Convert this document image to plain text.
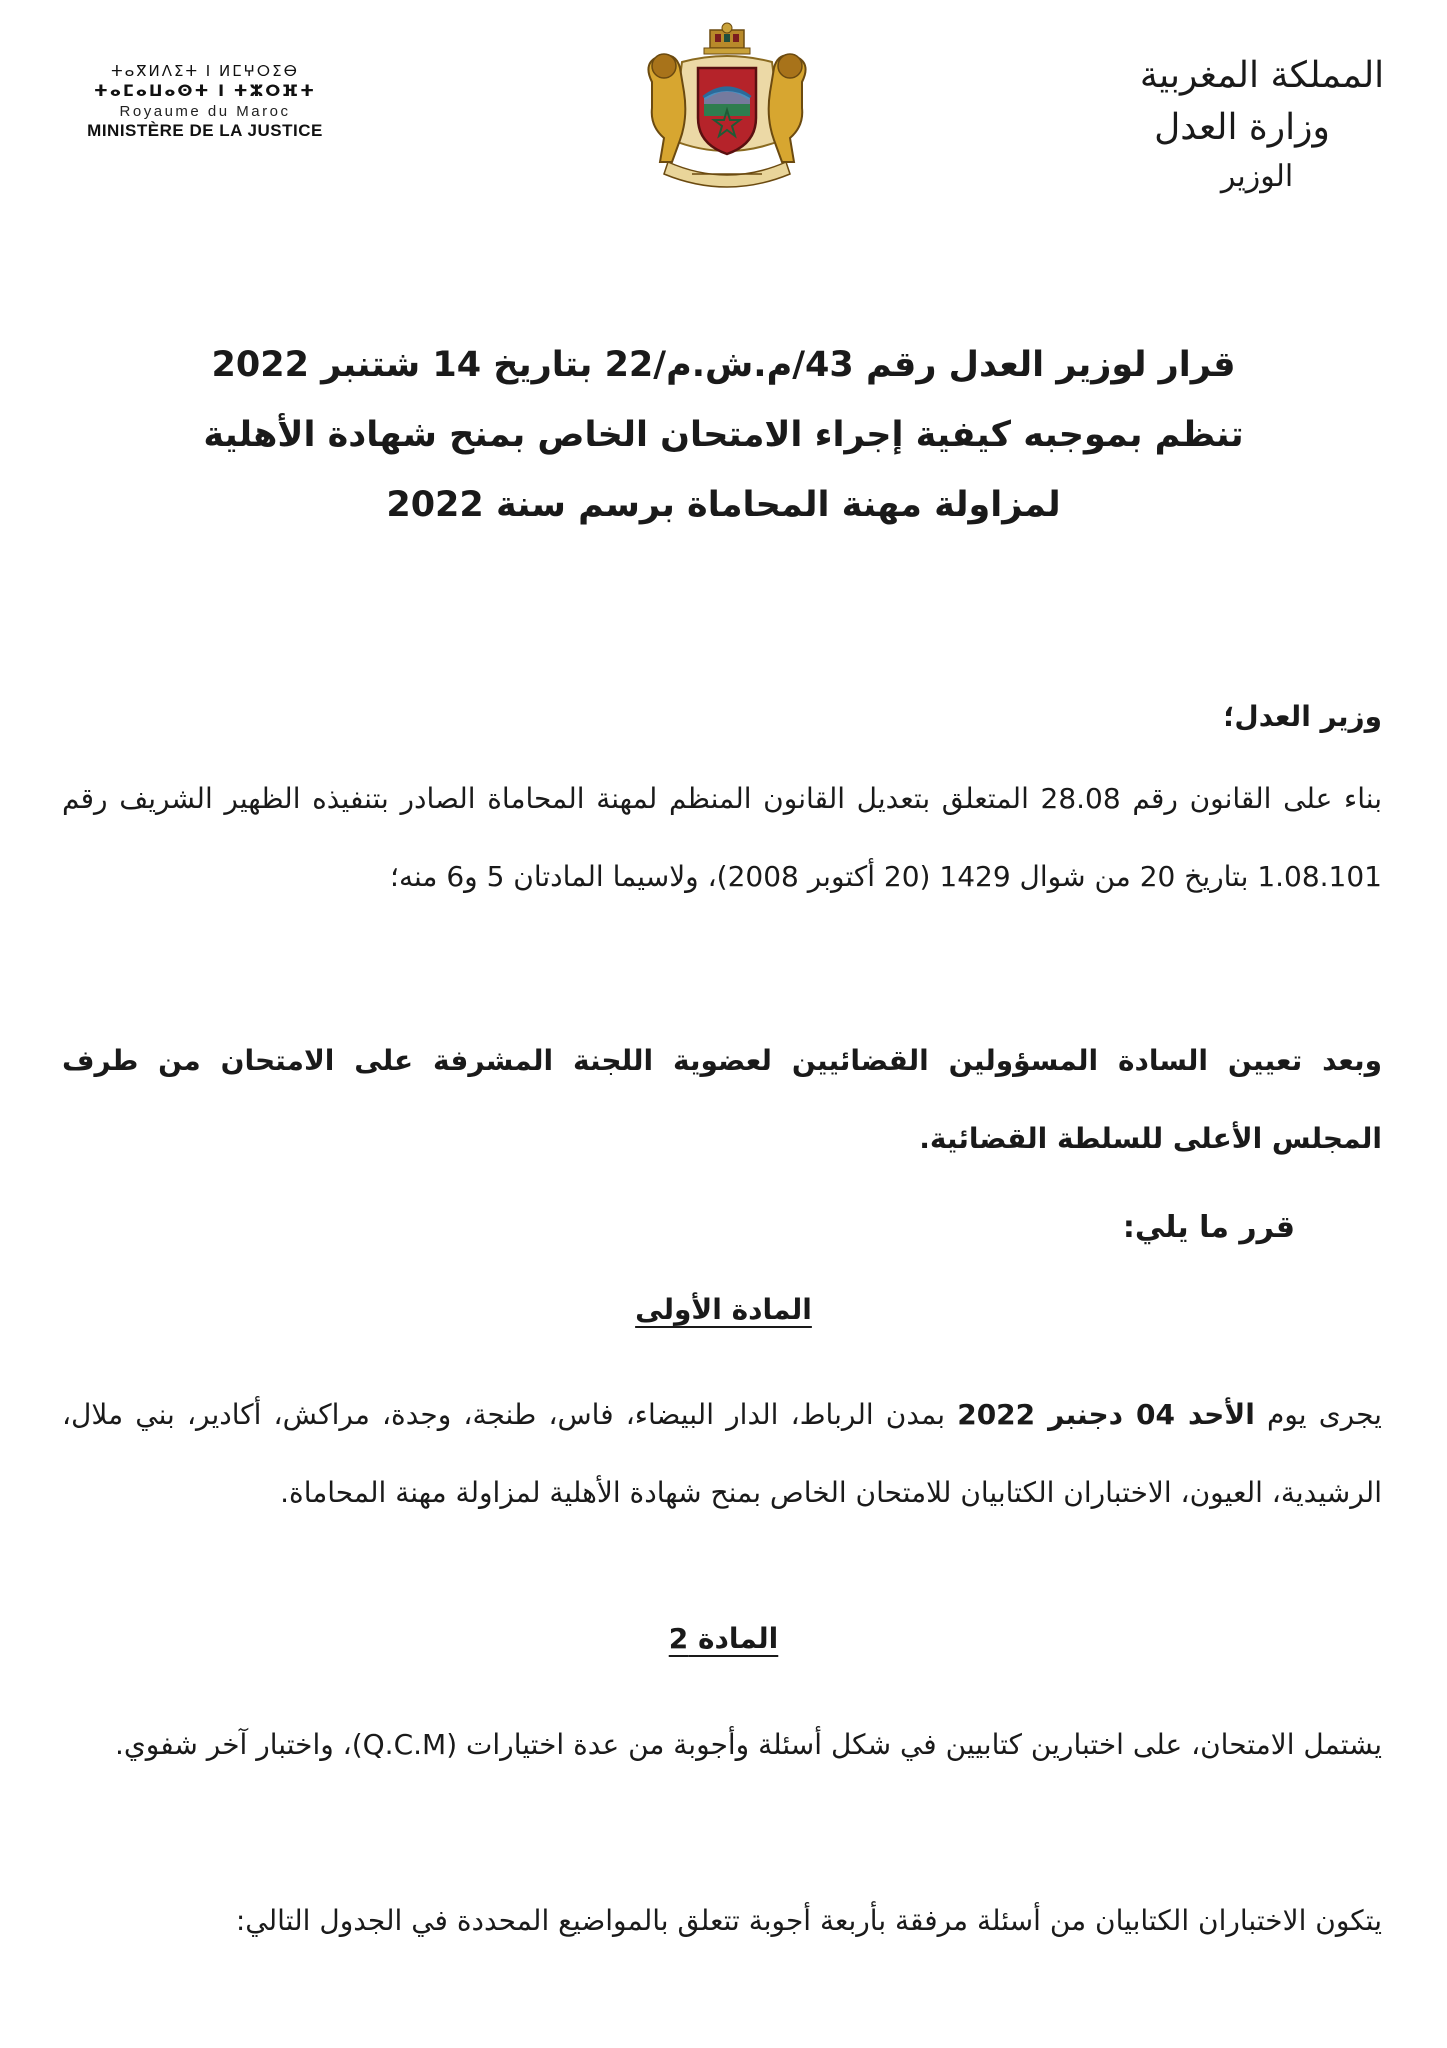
ⵜⴰⴳⵍⴷⵉⵜ ⵏ ⵍⵎⵖⵔⵉⴱ
ⵜⴰⵎⴰⵡⴰⵙⵜ ⵏ ⵜⵣⵔⴼⵜ
Royaume du Maroc
MINISTÈRE DE LA JUSTICE
المملكة المغربية
وزارة العدل
الوزير
قرار لوزير العدل رقم 43/م.ش.م/22 بتاريخ 14 شتنبر 2022
تنظم بموجبه كيفية إجراء الامتحان الخاص بمنح شهادة الأهلية
لمزاولة مهنة المحاماة برسم سنة 2022
وزير العدل؛
بناء على القانون رقم 28.08 المتعلق بتعديل القانون المنظم لمهنة المحاماة الصادر بتنفيذه الظهير الشريف رقم 1.08.101 بتاريخ 20 من شوال 1429 (20 أكتوبر 2008)، ولاسيما المادتان 5 و6 منه؛
وبعد تعيين السادة المسؤولين القضائيين لعضوية اللجنة المشرفة على الامتحان من طرف المجلس الأعلى للسلطة القضائية.
قرر ما يلي:
المادة الأولى
يجرى يوم الأحد 04 دجنبر 2022 بمدن الرباط، الدار البيضاء، فاس، طنجة، وجدة، مراكش، أكادير، بني ملال، الرشيدية، العيون، الاختباران الكتابيان للامتحان الخاص بمنح شهادة الأهلية لمزاولة مهنة المحاماة.
المادة 2
يشتمل الامتحان، على اختبارين كتابيين في شكل أسئلة وأجوبة من عدة اختيارات (Q.C.M)، واختبار آخر شفوي.
يتكون الاختباران الكتابيان من أسئلة مرفقة بأربعة أجوبة تتعلق بالمواضيع المحددة في الجدول التالي:
